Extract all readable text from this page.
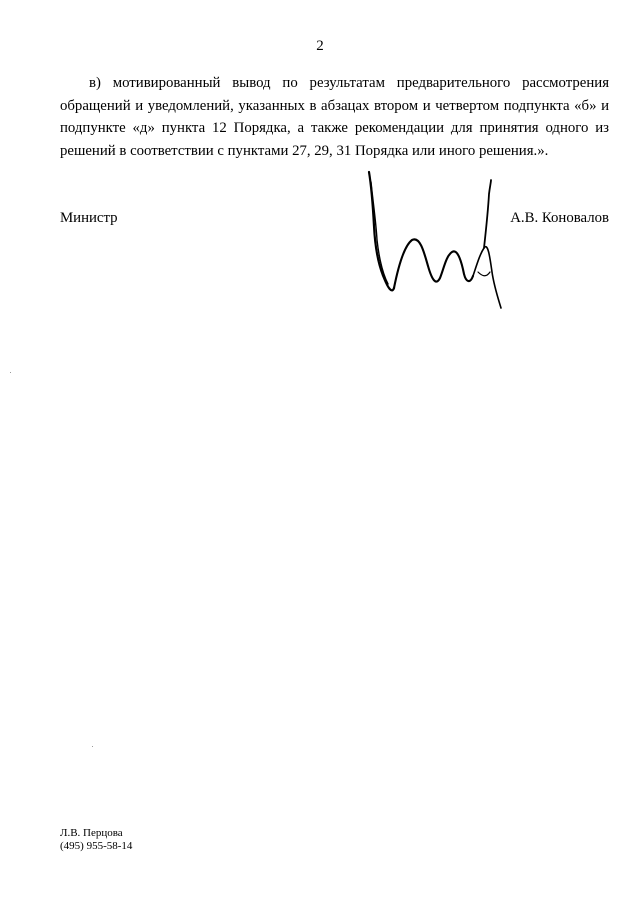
2

в) мотивированный вывод по результатам предварительного рассмотрения обращений и уведомлений, указанных в абзацах втором и четвертом подпункта «б» и подпункте «д» пункта 12 Порядка, а также рекомендации для принятия одного из решений в соответствии с пунктами 27, 29, 31 Порядка или иного решения.».

Министр	А.В. Коновалов
Л.В. Перцова
(495) 955-58-14
